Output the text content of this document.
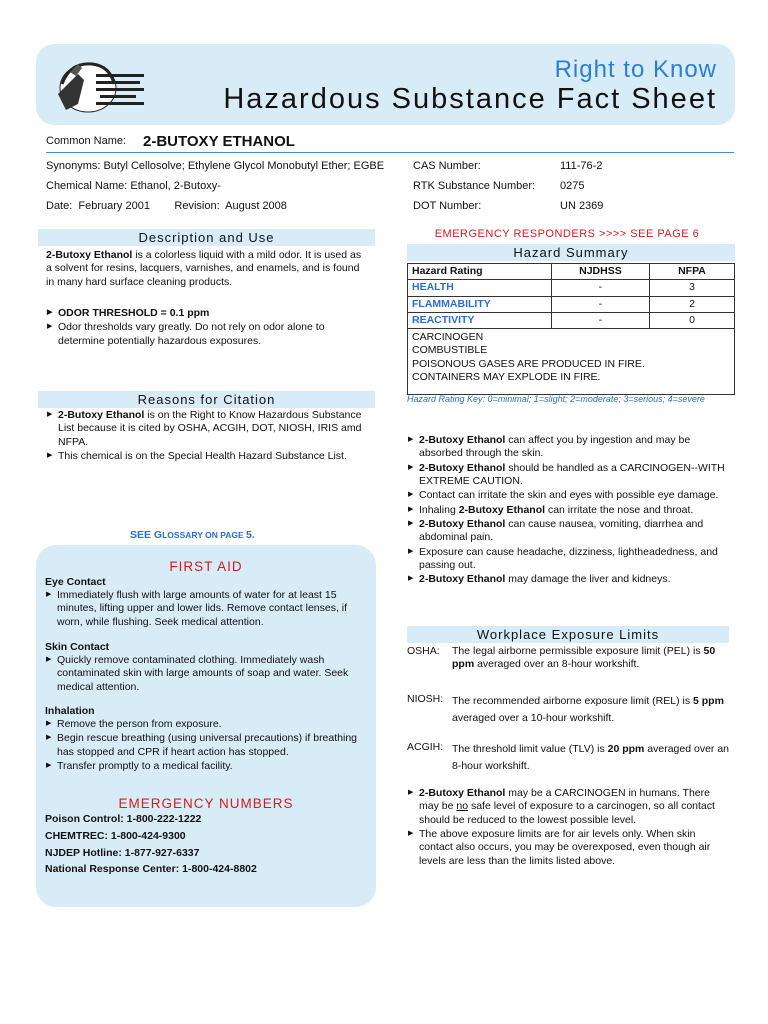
Right to Know
Hazardous Substance Fact Sheet
Common Name: 2-BUTOXY ETHANOL
Synonyms: Butyl Cellosolve; Ethylene Glycol Monobutyl Ether; EGBE
Chemical Name: Ethanol, 2-Butoxy-
Date:  February 2001        Revision:  August 2008
CAS Number:	111-76-2
RTK Substance Number: 0275
DOT Number:	UN 2369
Description and Use
2-Butoxy Ethanol is a colorless liquid with a mild odor. It is used as a solvent for resins, lacquers, varnishes, and enamels, and is found in many hard surface cleaning products.
▶ ODOR THRESHOLD = 0.1 ppm
▶ Odor thresholds vary greatly. Do not rely on odor alone to determine potentially hazardous exposures.
Reasons for Citation
▶ 2-Butoxy Ethanol is on the Right to Know Hazardous Substance List because it is cited by OSHA, ACGIH, DOT, NIOSH, IRIS amd NFPA.
▶ This chemical is on the Special Health Hazard Substance List.
SEE GLOSSARY ON PAGE 5.
FIRST AID
Eye Contact
▶ Immediately flush with large amounts of water for at least 15 minutes, lifting upper and lower lids. Remove contact lenses, if worn, while flushing. Seek medical attention.
Skin Contact
▶ Quickly remove contaminated clothing. Immediately wash contaminated skin with large amounts of soap and water. Seek medical attention.
Inhalation
▶ Remove the person from exposure.
▶ Begin rescue breathing (using universal precautions) if breathing has stopped and CPR if heart action has stopped.
▶ Transfer promptly to a medical facility.
EMERGENCY NUMBERS
Poison Control: 1-800-222-1222
CHEMTREC: 1-800-424-9300
NJDEP Hotline: 1-877-927-6337
National Response Center: 1-800-424-8802
EMERGENCY RESPONDERS >>>> SEE PAGE 6
Hazard Summary
Hazard Rating	NJDHSS	NFPA
HEALTH	-	3
FLAMMABILITY	-	2
REACTIVITY	-	0

CARCINOGEN
COMBUSTIBLE
POISONOUS GASES ARE PRODUCED IN FIRE.
CONTAINERS MAY EXPLODE IN FIRE.		
Hazard Rating Key: 0=minimal; 1=slight; 2=moderate; 3=serious; 4=severe
▶ 2-Butoxy Ethanol can affect you by ingestion and may be absorbed through the skin.
▶ 2-Butoxy Ethanol should be handled as a CARCINOGEN--WITH EXTREME CAUTION.
▶ Contact can irritate the skin and eyes with possible eye damage.
▶ Inhaling 2-Butoxy Ethanol can irritate the nose and throat.
▶ 2-Butoxy Ethanol can cause nausea, vomiting, diarrhea and abdominal pain.
▶ Exposure can cause headache, dizziness, lightheadedness, and passing out.
▶ 2-Butoxy Ethanol may damage the liver and kidneys.
Workplace Exposure Limits
OSHA:	The legal airborne permissible exposure limit (PEL) is 50 ppm averaged over an 8-hour workshift.
NIOSH: The recommended airborne exposure limit (REL) is 5 ppm averaged over a 10-hour workshift.
ACGIH: The threshold limit value (TLV) is 20 ppm averaged over an 8-hour workshift.
▶ 2-Butoxy Ethanol may be a CARCINOGEN in humans. There may be no safe level of exposure to a carcinogen, so all contact should be reduced to the lowest possible level.
▶ The above exposure limits are for air levels only. When skin contact also occurs, you may be overexposed, even though air levels are less than the limits listed above.
